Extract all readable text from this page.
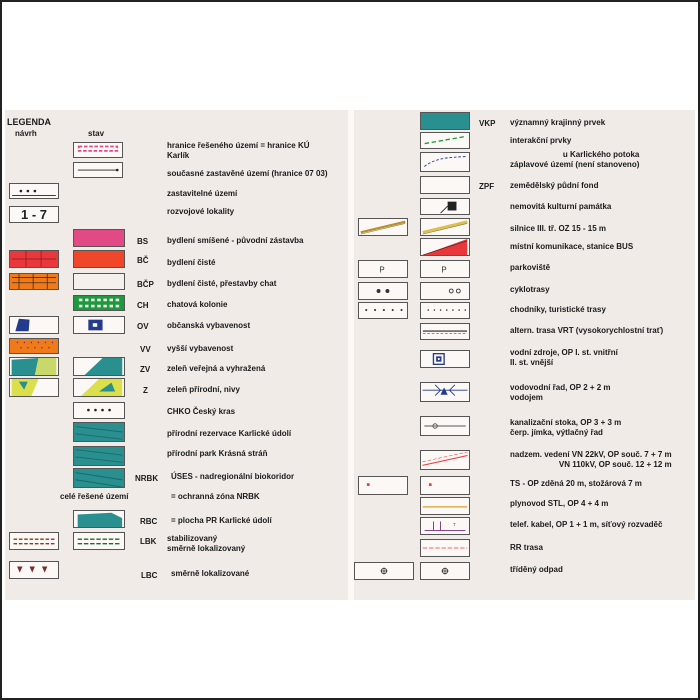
LEGENDA
návrh	stav
hranice řešeného území = hranice KÚ
Karlík
současné zastavěné území (hranice 07 03)
zastavitelné území
1 - 7	rozvojové lokality
BS bydlení smíšené - původní zástavba
BČ bydlení čisté
BČP bydlení čisté, přestavby chat
CH chatová kolonie
OV občanská vybavenost
VV vyšší vybavenost
ZV zeleň veřejná a vyhražená
Z zeleň přírodní, nivy
CHKO Český kras
přírodní rezervace Karlické údolí
přírodní park Krásná stráň
NRBK ÚSES - nadregionální biokoridor
celé řešené území	= ochranná zóna NRBK
RBC = plocha PR Karlické údolí
LBK stabilizovaný
směrně lokalizovaný
LBC směrně lokalizované
VKP významný krajinný prvek
interakční prvky
u Karlického potoka
záplavové území (není stanoveno)
ZPF zemědělský půdní fond
nemovitá kulturní památka
silnice III. tř. OZ 15 - 15 m
místní komunikace, stanice BUS
P	P	parkoviště
cyklotrasy
chodníky, turistické trasy
altern. trasa VRT (vysokorychlostní trať)
vodní zdroje, OP I. st. vnitřní
II. st. vnější
vodovodní řad, OP 2 + 2 m
vodojem
kanalizační stoka, OP 3 + 3 m
čerp. jímka, výtlačný řad
nadzem. vedení VN 22kV, OP souč. 7 + 7 m
VN 110kV, OP souč. 12 + 12 m
TS - OP zděná 20 m, stožárová 7 m
plynovod STL, OP 4 + 4 m
T	telef. kabel, OP 1 + 1 m, síťový rozvaděč
RR trasa
tříděný odpad
